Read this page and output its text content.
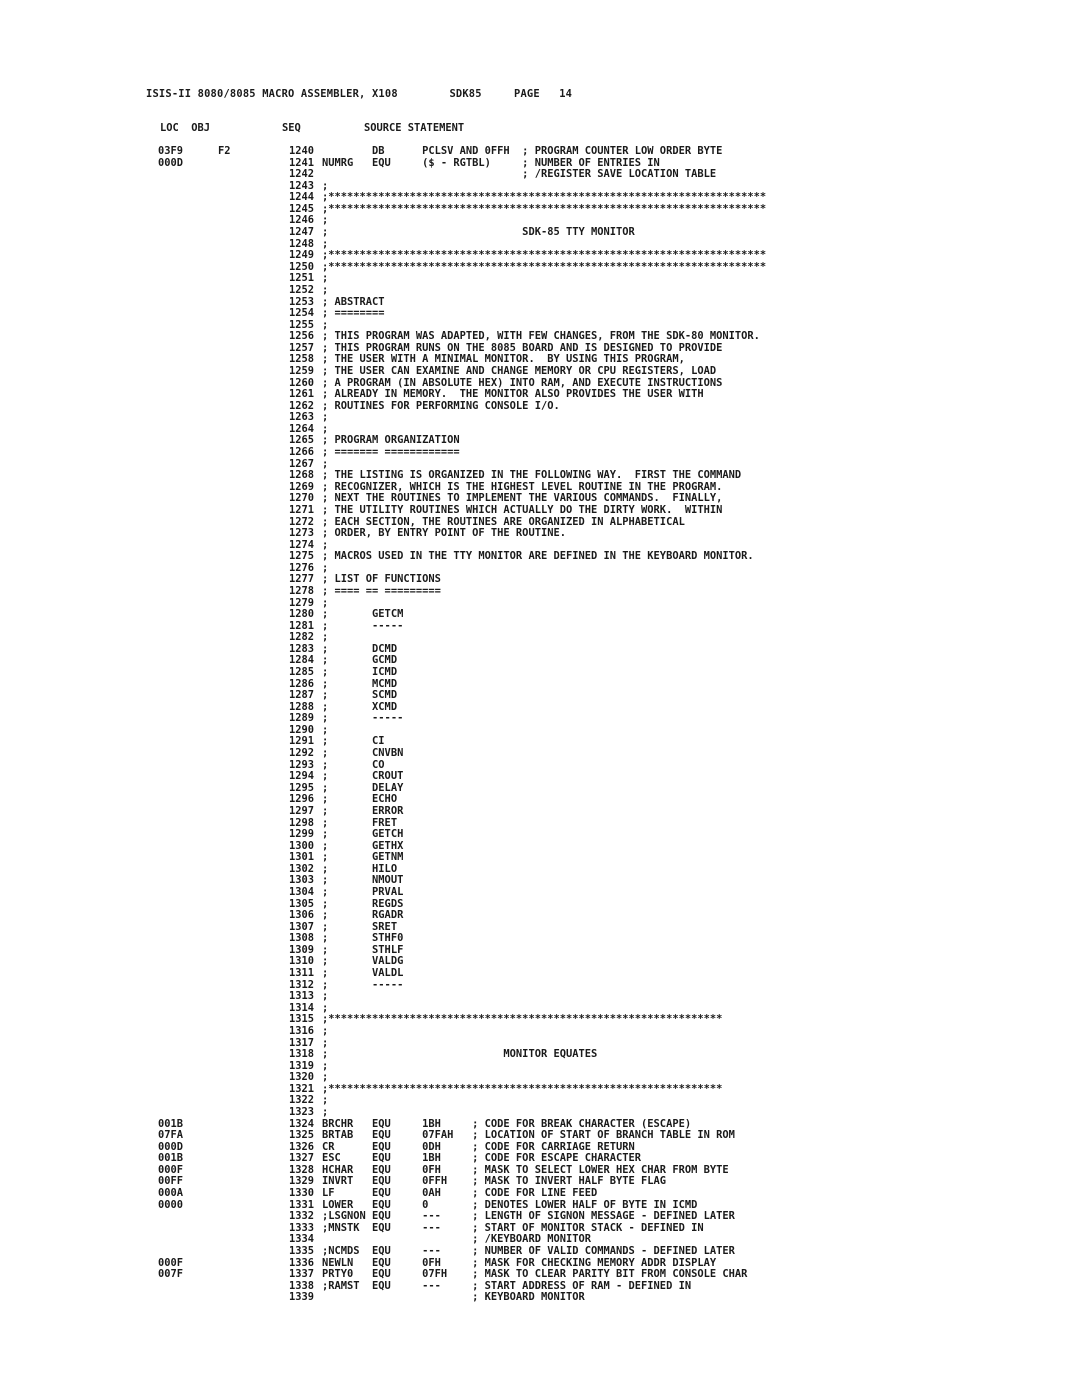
ISIS-II 8080/8085 MACRO ASSEMBLER, X108	SDK85	PAGE 14
LOC  OBJ	SEQ	SOURCE STATEMENT
03F9	F2	1240 DB      PCLSV AND 0FFH  ; PROGRAM COUNTER LOW ORDER BYTE
000D	1241 NUMRG   EQU     ($ - RGTBL)     ; NUMBER OF ENTRIES IN
1242 ; /REGISTER SAVE LOCATION TABLE
1243 ;
1244 ;**********************************************************************
1245 ;**********************************************************************
1246 ;
1247 ;                               SDK-85 TTY MONITOR
1248 ;
1249 ;**********************************************************************
1250 ;**********************************************************************
1251 ;
1252 ;
1253 ; ABSTRACT
1254 ; ========
1255 ;
1256 ; THIS PROGRAM WAS ADAPTED, WITH FEW CHANGES, FROM THE SDK-80 MONITOR.
1257 ; THIS PROGRAM RUNS ON THE 8085 BOARD AND IS DESIGNED TO PROVIDE
1258 ; THE USER WITH A MINIMAL MONITOR.  BY USING THIS PROGRAM,
1259 ; THE USER CAN EXAMINE AND CHANGE MEMORY OR CPU REGISTERS, LOAD
1260 ; A PROGRAM (IN ABSOLUTE HEX) INTO RAM, AND EXECUTE INSTRUCTIONS
1261 ; ALREADY IN MEMORY.  THE MONITOR ALSO PROVIDES THE USER WITH
1262 ; ROUTINES FOR PERFORMING CONSOLE I/O.
1263 ;
1264 ;
1265 ; PROGRAM ORGANIZATION
1266 ; ======= ============
1267 ;
1268 ; THE LISTING IS ORGANIZED IN THE FOLLOWING WAY.  FIRST THE COMMAND
1269 ; RECOGNIZER, WHICH IS THE HIGHEST LEVEL ROUTINE IN THE PROGRAM.
1270 ; NEXT THE ROUTINES TO IMPLEMENT THE VARIOUS COMMANDS.  FINALLY,
1271 ; THE UTILITY ROUTINES WHICH ACTUALLY DO THE DIRTY WORK.  WITHIN
1272 ; EACH SECTION, THE ROUTINES ARE ORGANIZED IN ALPHABETICAL
1273 ; ORDER, BY ENTRY POINT OF THE ROUTINE.
1274 ;
1275 ; MACROS USED IN THE TTY MONITOR ARE DEFINED IN THE KEYBOARD MONITOR.
1276 ;
1277 ; LIST OF FUNCTIONS
1278 ; ==== == =========
1279 ;
1280 ;       GETCM
1281 ;       -----
1282 ;
1283 ;       DCMD
1284 ;       GCMD
1285 ;       ICMD
1286 ;       MCMD
1287 ;       SCMD
1288 ;       XCMD
1289 ;       -----
1290 ;
1291 ;       CI
1292 ;       CNVBN
1293 ;       CO
1294 ;       CROUT
1295 ;       DELAY
1296 ;       ECHO
1297 ;       ERROR
1298 ;       FRET
1299 ;       GETCH
1300 ;       GETHX
1301 ;       GETNM
1302 ;       HILO
1303 ;       NMOUT
1304 ;       PRVAL
1305 ;       REGDS
1306 ;       RGADR
1307 ;       SRET
1308 ;       STHF0
1309 ;       STHLF
1310 ;       VALDG
1311 ;       VALDL
1312 ;       -----
1313 ;
1314 ;
1315 ;***************************************************************
1316 ;
1317 ;
1318 ;                            MONITOR EQUATES
1319 ;
1320 ;
1321 ;***************************************************************
1322 ;
1323 ;
001B	1324 BRCHR   EQU     1BH     ; CODE FOR BREAK CHARACTER (ESCAPE)
07FA	1325 BRTAB   EQU     07FAH   ; LOCATION OF START OF BRANCH TABLE IN ROM
000D	1326 CR      EQU     0DH     ; CODE FOR CARRIAGE RETURN
001B	1327 ESC     EQU     1BH     ; CODE FOR ESCAPE CHARACTER
000F	1328 HCHAR   EQU     0FH     ; MASK TO SELECT LOWER HEX CHAR FROM BYTE
00FF	1329 INVRT   EQU     0FFH    ; MASK TO INVERT HALF BYTE FLAG
000A	1330 LF      EQU     0AH     ; CODE FOR LINE FEED
0000	1331 LOWER   EQU     0       ; DENOTES LOWER HALF OF BYTE IN ICMD
1332 ;LSGNON EQU     ---     ; LENGTH OF SIGNON MESSAGE - DEFINED LATER
1333 ;MNSTK  EQU     ---     ; START OF MONITOR STACK - DEFINED IN
1334 ; /KEYBOARD MONITOR
1335 ;NCMDS  EQU     ---     ; NUMBER OF VALID COMMANDS - DEFINED LATER
000F	1336 NEWLN   EQU     0FH     ; MASK FOR CHECKING MEMORY ADDR DISPLAY
007F	1337 PRTY0   EQU     07FH    ; MASK TO CLEAR PARITY BIT FROM CONSOLE CHAR
1338 ;RAMST  EQU     ---     ; START ADDRESS OF RAM - DEFINED IN
1339 ; KEYBOARD MONITOR
